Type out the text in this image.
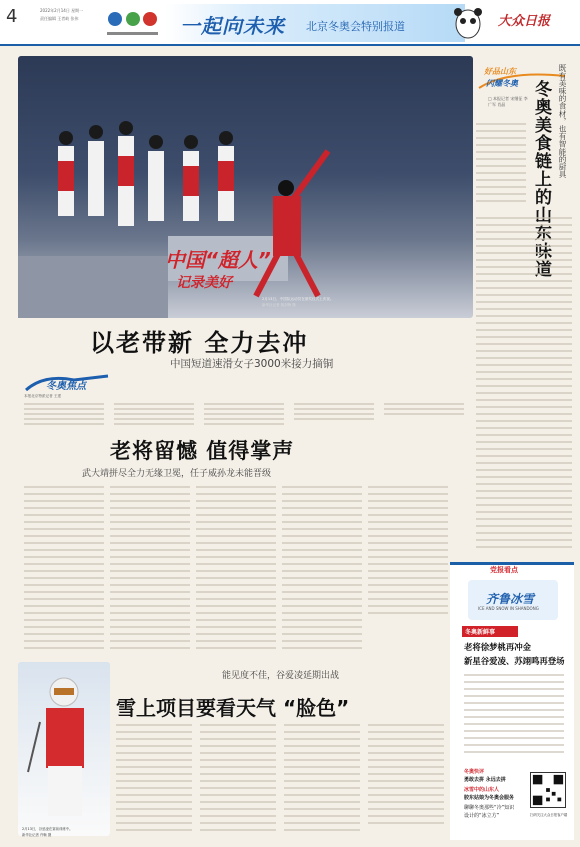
4	2022年2月14日 星期一
责任编辑 王者岐 张伟	一起向未来 北京冬奥会特别报道	大众日报
中国“超人”
记录美好
2月13日，中国队运动员在颁奖仪式上庆祝。
新华社记者 姚剑锋 摄
以老带新 全力去冲
中国短道速滑女子3000米接力摘铜
冬奥焦点
本报北京特派记者 王建
老将留憾 值得掌声
武大靖拼尽全力无缘卫冕，任子威孙龙未能晋级
2月13日，谷爱凌在赛前训练中。
新华社记者 许畅 摄
能见度不佳，谷爱凌延期出战
雪上项目要看天气 “脸色”
好品山东
闪耀冬奥	既有美味的食材，也有智能的厨具
冬奥美食链上的山东味道
□ 本报记者 宋继征 李广军 肖晶
党报看点
齐鲁冰雪
ICE AND SNOW IN SHANDONG
冬奥新鲜事
老将徐梦桃再冲金
新星谷爱凌、苏翊鸣再登场
冬奥快评
勇敢去拼 永远去拼
冰雪中的山东人
胶东姑娘为冬奥会服务
聊聊冬奥那些“冷”知识
设计的“冰立方”	扫码关注大众日报客户端
